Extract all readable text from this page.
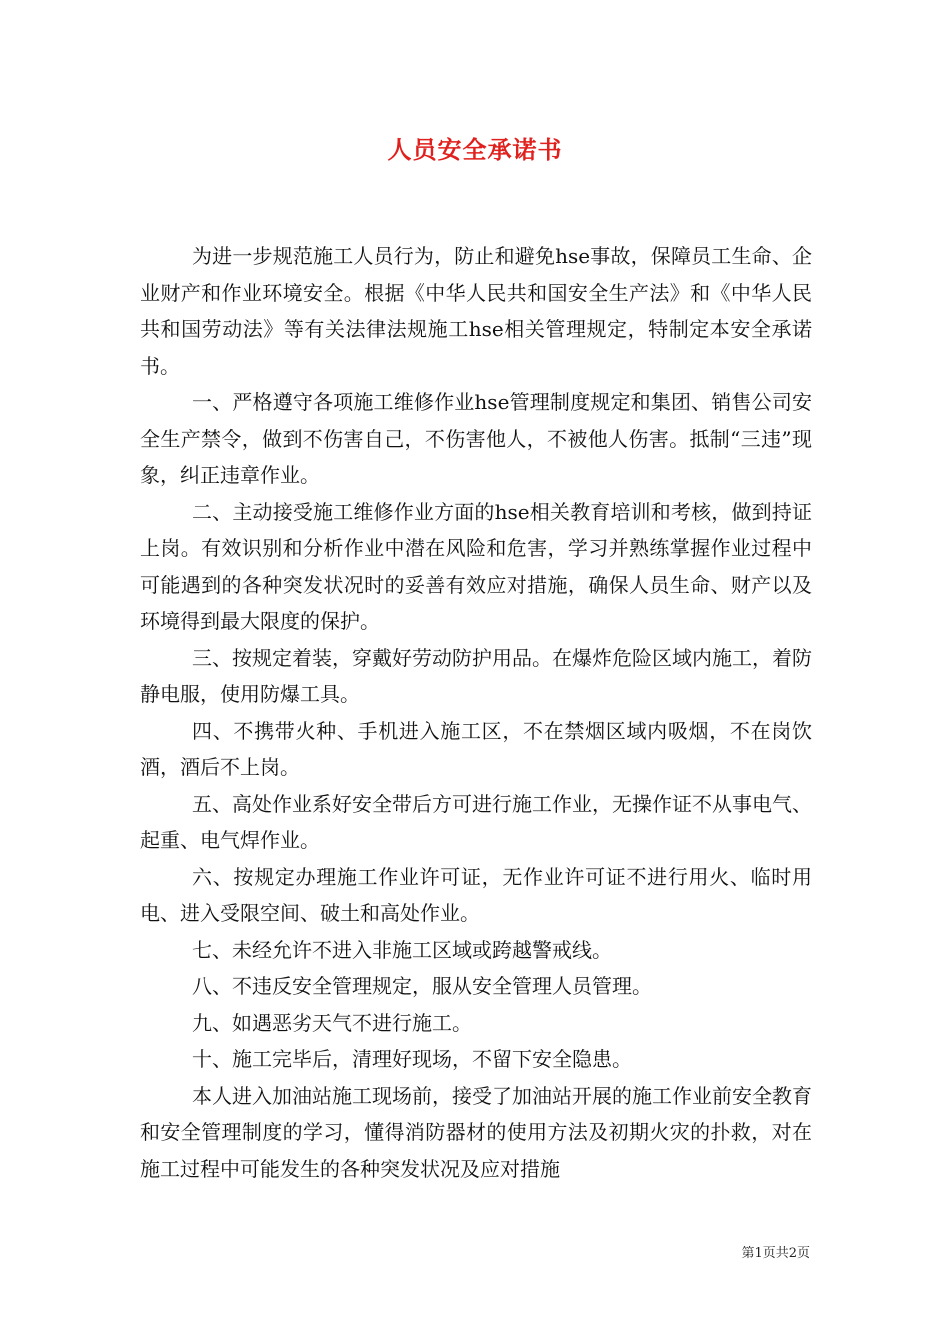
人员安全承诺书

为进一步规范施工人员行为，防止和避免hse事故，保障员工生命、企业财产和作业环境安全。根据《中华人民共和国安全生产法》和《中华人民共和国劳动法》等有关法律法规施工hse相关管理规定，特制定本安全承诺书。

一、严格遵守各项施工维修作业hse管理制度规定和集团、销售公司安全生产禁令，做到不伤害自己，不伤害他人，不被他人伤害。抵制“三违”现象，纠正违章作业。

二、主动接受施工维修作业方面的hse相关教育培训和考核，做到持证上岗。有效识别和分析作业中潜在风险和危害，学习并熟练掌握作业过程中可能遇到的各种突发状况时的妥善有效应对措施，确保人员生命、财产以及环境得到最大限度的保护。

三、按规定着装，穿戴好劳动防护用品。在爆炸危险区域内施工，着防静电服，使用防爆工具。

四、不携带火种、手机进入施工区，不在禁烟区域内吸烟，不在岗饮酒，酒后不上岗。

五、高处作业系好安全带后方可进行施工作业，无操作证不从事电气、起重、电气焊作业。

六、按规定办理施工作业许可证，无作业许可证不进行用火、临时用电、进入受限空间、破土和高处作业。

七、未经允许不进入非施工区域或跨越警戒线。

八、不违反安全管理规定，服从安全管理人员管理。

九、如遇恶劣天气不进行施工。

十、施工完毕后，清理好现场，不留下安全隐患。

本人进入加油站施工现场前，接受了加油站开展的施工作业前安全教育和安全管理制度的学习，懂得消防器材的使用方法及初期火灾的扑救，对在施工过程中可能发生的各种突发状况及应对措施

第1页共2页
